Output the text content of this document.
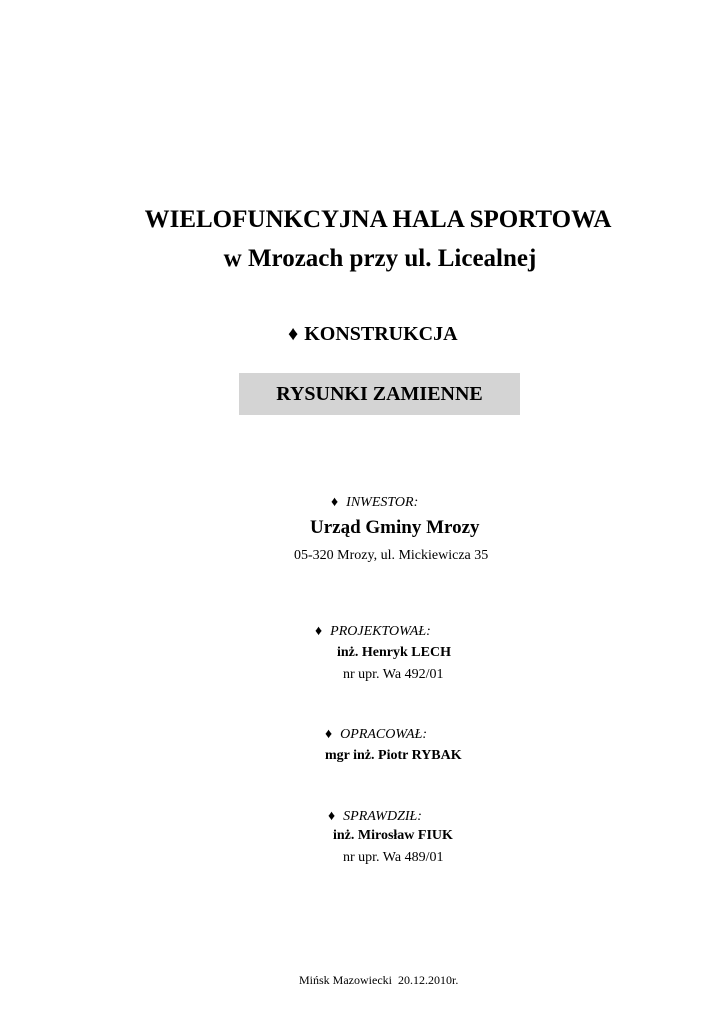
WIELOFUNKCYJNA HALA SPORTOWA
w Mrozach przy ul. Licealnej
♦ KONSTRUKCJA
RYSUNKI ZAMIENNE
♦ INWESTOR:
Urząd Gminy Mrozy
05-320 Mrozy, ul. Mickiewicza 35
♦ PROJEKTOWAŁ:
inż. Henryk LECH
nr upr. Wa 492/01
♦ OPRACOWAŁ:
mgr inż. Piotr RYBAK
♦ SPRAWDZIŁ:
inż. Mirosław FIUK
nr upr. Wa 489/01
Mińsk Mazowiecki  20.12.2010r.
